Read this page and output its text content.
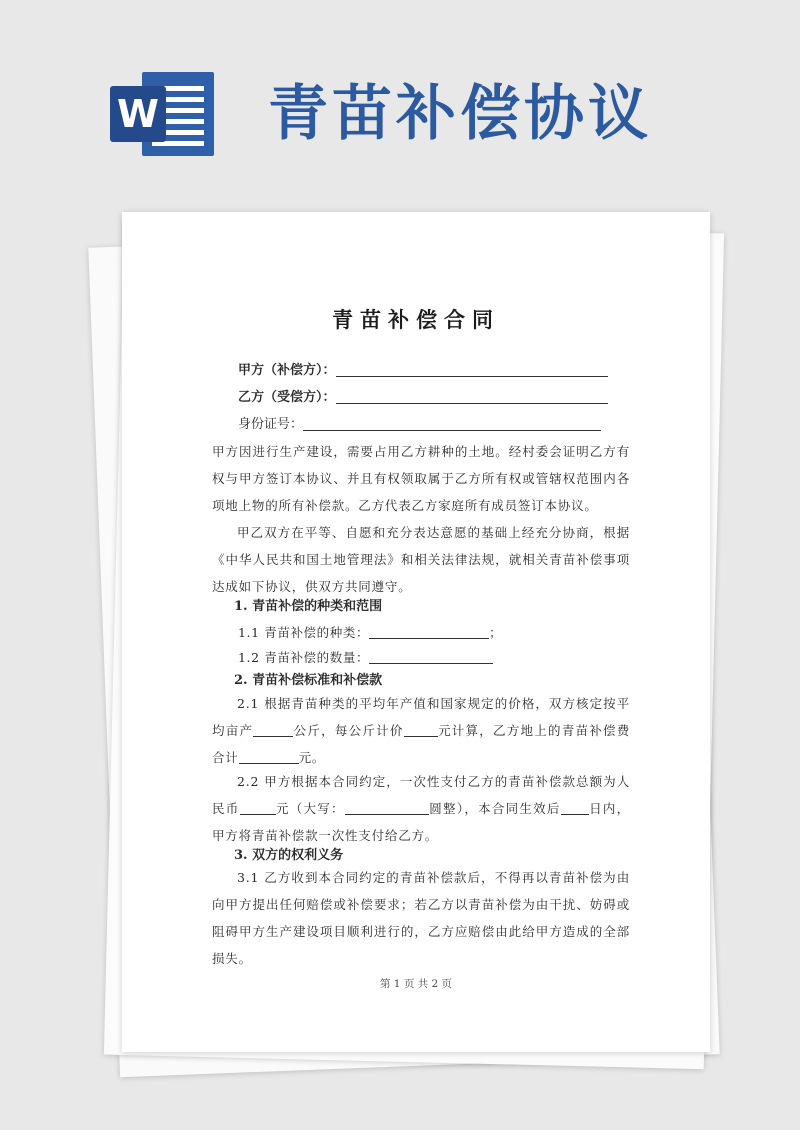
W 青苗补偿协议
青苗补偿合同
甲方（补偿方）：
乙方（受偿方）：
身份证号：

甲方因进行生产建设，需要占用乙方耕种的土地。经村委会证明乙方有权与甲方签订本协议、并且有权领取属于乙方所有权或管辖权范围内各项地上物的所有补偿款。乙方代表乙方家庭所有成员签订本协议。

甲乙双方在平等、自愿和充分表达意愿的基础上经充分协商，根据《中华人民共和国土地管理法》和相关法律法规，就相关青苗补偿事项达成如下协议，供双方共同遵守。

1. 青苗补偿的种类和范围
1.1 青苗补偿的种类：	；
1.2 青苗补偿的数量：
2. 青苗补偿标准和补偿款

2.1 根据青苗种类的平均年产值和国家规定的价格，双方核定按平均亩产	公斤，每公斤计价	元计算，乙方地上的青苗补偿费合计	元。

2.2 甲方根据本合同约定，一次性支付乙方的青苗补偿款总额为人民币	元（大写：	圆整），本合同生效后 日内，甲方将青苗补偿款一次性支付给乙方。

3. 双方的权利义务

3.1 乙方收到本合同约定的青苗补偿款后，不得再以青苗补偿为由向甲方提出任何赔偿或补偿要求；若乙方以青苗补偿为由干扰、妨碍或阻碍甲方生产建设项目顺利进行的，乙方应赔偿由此给甲方造成的全部损失。

第 1 页 共 2 页
